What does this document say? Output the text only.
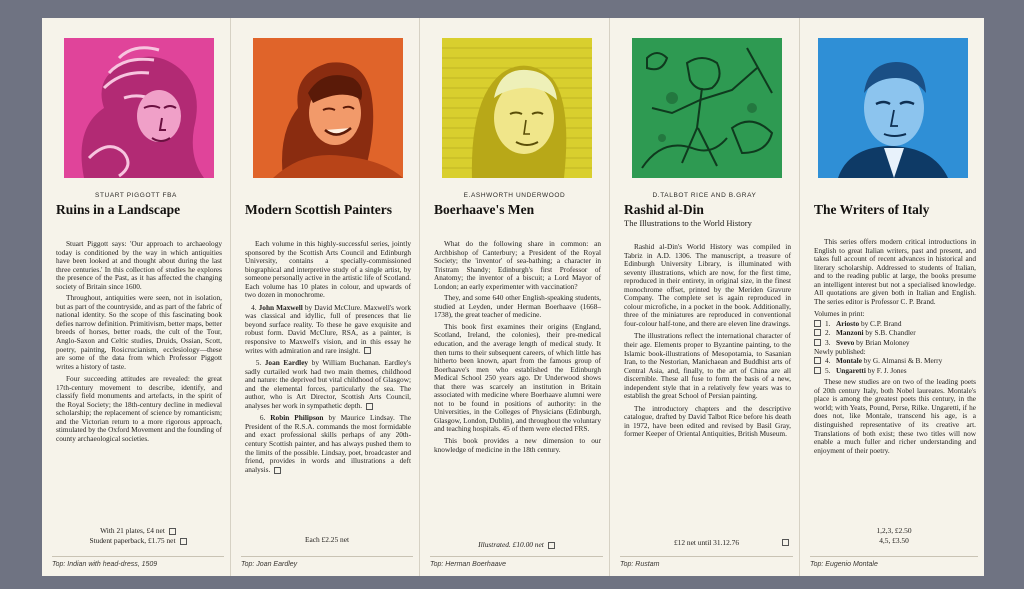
STUART PIGGOTT FBA
Ruins in a Landscape

Stuart Piggott says: 'Our approach to archaeology today is conditioned by the way in which antiquities have been looked at and thought about during the last three centuries.' In this collection of studies he explores the presence of the Past, as it has affected the changing society of Britain since 1600.

Throughout, antiquities were seen, not in isolation, but as part of the countryside, and as part of the fabric of national identity. So the scope of this fascinating book defies narrow definition. Primitivism, better maps, better breeds of horses, better roads, the cult of the Tour, Anglo-Saxon and Celtic studies, Druids, Ossian, Scott, poetry, painting, Rosicrucianism, ecclesiology—these are some of the data from which Professor Piggott writes a history of taste.

Four succeeding attitudes are revealed: the great 17th-century movement to describe, identify, and classify field monuments and artefacts, in the spirit of the Royal Society; the 18th-century decline in medieval scholarship; the replacement of science by romanticism; and the Victorian return to a more rigorous approach, stimulated by the Oxford Movement and the founding of county archaeological societies.

With 21 plates, £4 net
Student paperback, £1.75 net
Top: Indian with head-dress, 1509
Modern Scottish Painters

Each volume in this highly-successful series, jointly sponsored by the Scottish Arts Council and Edinburgh University, contains a specially-commissioned biographical and interpretive study of a single artist, by someone personally active in the artistic life of Scotland. Each volume has 10 plates in colour, and upwards of two dozen in monochrome.

4. John Maxwell by David McClure. Maxwell's work was classical and idyllic, full of presences that lie beyond surface reality. To these he gave exquisite and robust form. David McClure, RSA, as a painter, is responsive to Maxwell's vision, and in this essay he writes with admiration and rare insight.

5. Joan Eardley by William Buchanan. Eardley's sadly curtailed work had two main themes, childhood and nature: the deprived but vital childhood of Glasgow; and the elemental forces, particularly the sea. The author, who is Art Director, Scottish Arts Council, analyses her work in sympathetic depth.

6. Robin Philipson by Maurice Lindsay. The President of the R.S.A. commands the most formidable and exact professional skills perhaps of any 20th-century Scottish painter, and has always pushed them to the limits of the possible. Lindsay, poet, broadcaster and friend, provides in words and illustrations a deft analysis.

Each £2.25 net
Top: Joan Eardley
E.ASHWORTH UNDERWOOD
Boerhaave's Men

What do the following share in common: an Archbishop of Canterbury; a President of the Royal Society; the 'inventor' of sea-bathing; a character in Tristram Shandy; Edinburgh's first Professor of Anatomy; the inventor of a biscuit; a Lord Mayor of London; an early experimenter with vaccination?

They, and some 640 other English-speaking students, studied at Leyden, under Herman Boerhaave (1668–1738), the great teacher of medicine.

This book first examines their origins (England, Scotland, Ireland, the colonies), their pre-medical education, and the average length of medical study. It then turns to their subsequent careers, of which little has hitherto been known, apart from the famous group of Boerhaave's men who established the Edinburgh Medical School 250 years ago. Dr Underwood shows that there was scarcely an institution in Britain associated with medicine where Boerhaave alumni were not to be found in positions of authority: in the Universities, in the Colleges of Physicians (Edinburgh, Glasgow, London, Dublin), and throughout the voluntary and teaching hospitals. 45 of them were elected FRS.

This book provides a new dimension to our knowledge of medicine in the 18th century.

Illustrated. £10.00 net
Top: Herman Boerhaave
D.TALBOT RICE AND B.GRAY
Rashid al-Din
The Illustrations to the World History

Rashid al-Din's World History was compiled in Tabriz in A.D. 1306. The manuscript, a treasure of Edinburgh University Library, is illuminated with seventy illustrations, which are now, for the first time, reproduced in their entirety, in original size, in the finest monochrome offset, printed by the Meriden Gravure Company. The complete set is again reproduced in colour microfiche, in a pocket in the book. Additionally, three of the miniatures are reproduced in conventional four-colour half-tone, and there are eleven line drawings.

The illustrations reflect the international character of their age. Elements proper to Byzantine painting, to the Islamic book-illustrations of Mesopotamia, to Sasanian Iran, to the Nestorian, Manichaean and Buddhist arts of Central Asia, and, finally, to the art of China are all discernible. These all fuse to form the basis of a new, independent style that in a relatively few years was to establish the great School of Persian painting.

The introductory chapters and the descriptive catalogue, drafted by David Talbot Rice before his death in 1972, have been edited and revised by Basil Gray, former Keeper of Oriental Antiquities, British Museum.

£12 net until 31.12.76
Top: Rustam
The Writers of Italy

This series offers modern critical introductions in English to great Italian writers, past and present, and takes full account of recent advances in historical and literary scholarship. Addressed to students of Italian, and to the reading public at large, the books presume an intelligent interest but not a specialised knowledge. All quotations are given both in Italian and English. The series editor is Professor C. P. Brand.

Volumes in print:
1. Ariosto by C.P. Brand
2. Manzoni by S.B. Chandler
3. Svevo by Brian Moloney
Newly published:
4. Montale by G. Almansi & B. Merry
5. Ungaretti by F. J. Jones

These new studies are on two of the leading poets of 20th century Italy, both Nobel laureates. Montale's place is among the greatest poets this century, in the world; with Yeats, Pound, Perse, Rilke. Ungaretti, if he does not, like Montale, transcend his age, is a distinguished representative of its creative art. Translations of both exist; these two titles will now enable a much fuller and richer understanding and enjoyment of their poetry.

1,2,3, £2.50
4,5, £3.50
Top: Eugenio Montale
